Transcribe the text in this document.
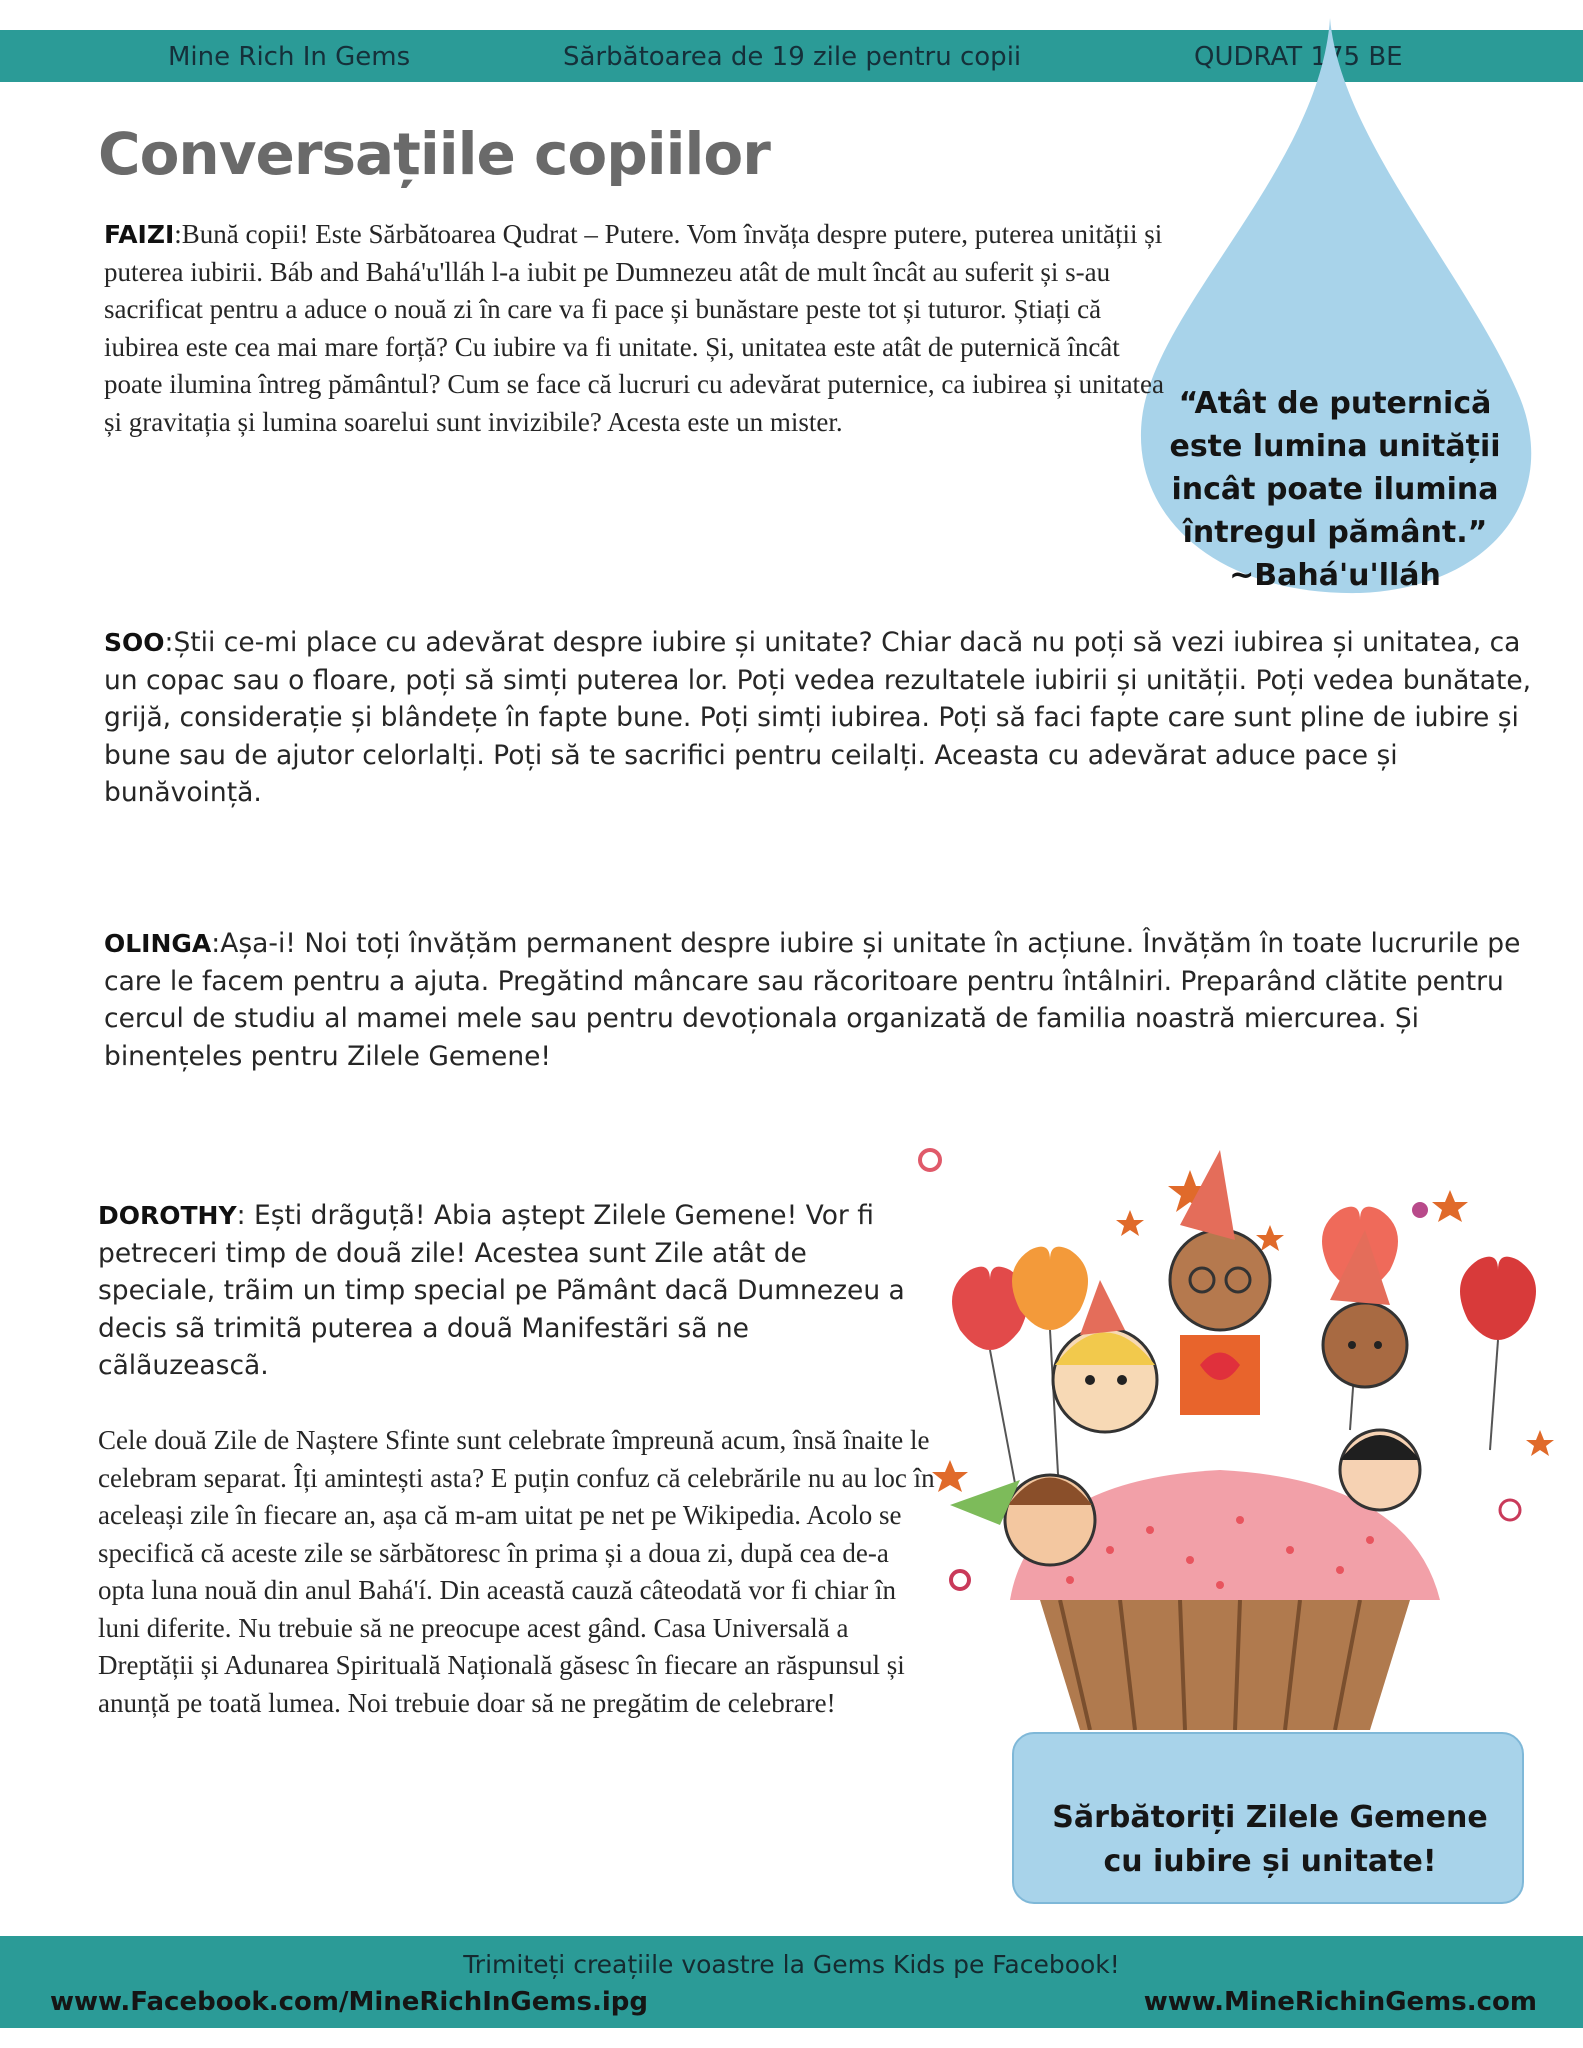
Mine Rich In Gems	Sărbătoarea de 19 zile pentru copii	QUDRAT 175 BE
Conversațiile copiilor
“Atât de puternică
este lumina unității
incât poate ilumina
întregul pământ.”
~Bahá'u'lláh

FAIZI:Bună copii! Este Sărbătoarea Qudrat – Putere. Vom învăța despre putere, puterea unității și puterea iubirii. Báb and Bahá'u'lláh l-a iubit pe Dumnezeu atât de mult încât au suferit și s-au sacrificat pentru a aduce o nouă zi în care va fi pace și bunăstare peste tot și tuturor. Știați că iubirea este cea mai mare forță? Cu iubire va fi unitate. Și, unitatea este atât de puternică încât poate ilumina întreg pământul? Cum se face că lucruri cu adevărat puternice, ca iubirea și unitatea și gravitația și lumina soarelui sunt invizibile? Acesta este un mister.

SOO:Știi ce-mi place cu adevărat despre iubire și unitate? Chiar dacă nu poți să vezi iubirea și unitatea, ca un copac sau o floare, poți să simți puterea lor. Poți vedea rezultatele iubirii și unității. Poți vedea bunătate, grijă, considerație și blândețe în fapte bune. Poți simți iubirea. Poți să faci fapte care sunt pline de iubire și bune sau de ajutor celorlalți. Poți să te sacrifici pentru ceilalți. Aceasta cu adevărat aduce pace și bunăvoință.

OLINGA:Așa-i! Noi toți învățăm permanent despre iubire și unitate în acțiune. Învățăm în toate lucrurile pe care le facem pentru a ajuta. Pregătind mâncare sau răcoritoare pentru întâlniri. Preparând clătite pentru cercul de studiu al mamei mele sau pentru devoționala organizată de familia noastră miercurea. Și binențeles pentru Zilele Gemene!

DOROTHY: Ești drãguțã! Abia aștept Zilele Gemene! Vor fi petreceri timp de douã zile! Acestea sunt Zile atât de speciale, trãim un timp special pe Pãmânt dacã Dumnezeu a decis sã trimitã puterea a douã Manifestãri sã ne cãlãuzeascã.

Cele două Zile de Naștere Sfinte sunt celebrate împreună acum, însă înaite le celebram separat. Îți amintești asta? E puțin confuz că celebrările nu au loc în aceleași zile în fiecare an, așa că m-am uitat pe net pe Wikipedia. Acolo se specifică că aceste zile se sărbătoresc în prima și a doua zi, după cea de-a opta luna nouă din anul Bahá'í. Din această cauză câteodată vor fi chiar în luni diferite. Nu trebuie să ne preocupe acest gând. Casa Universală a Dreptății și Adunarea Spirituală Națională găsesc în fiecare an răspunsul și anunță pe toată lumea. Noi trebuie doar să ne pregătim de celebrare!

Sărbătoriți Zilele Gemene
cu iubire și unitate!
Trimiteți creațiile voastre la Gems Kids pe Facebook!
www.Facebook.com/MineRichInGems.ipg	www.MineRichinGems.com
